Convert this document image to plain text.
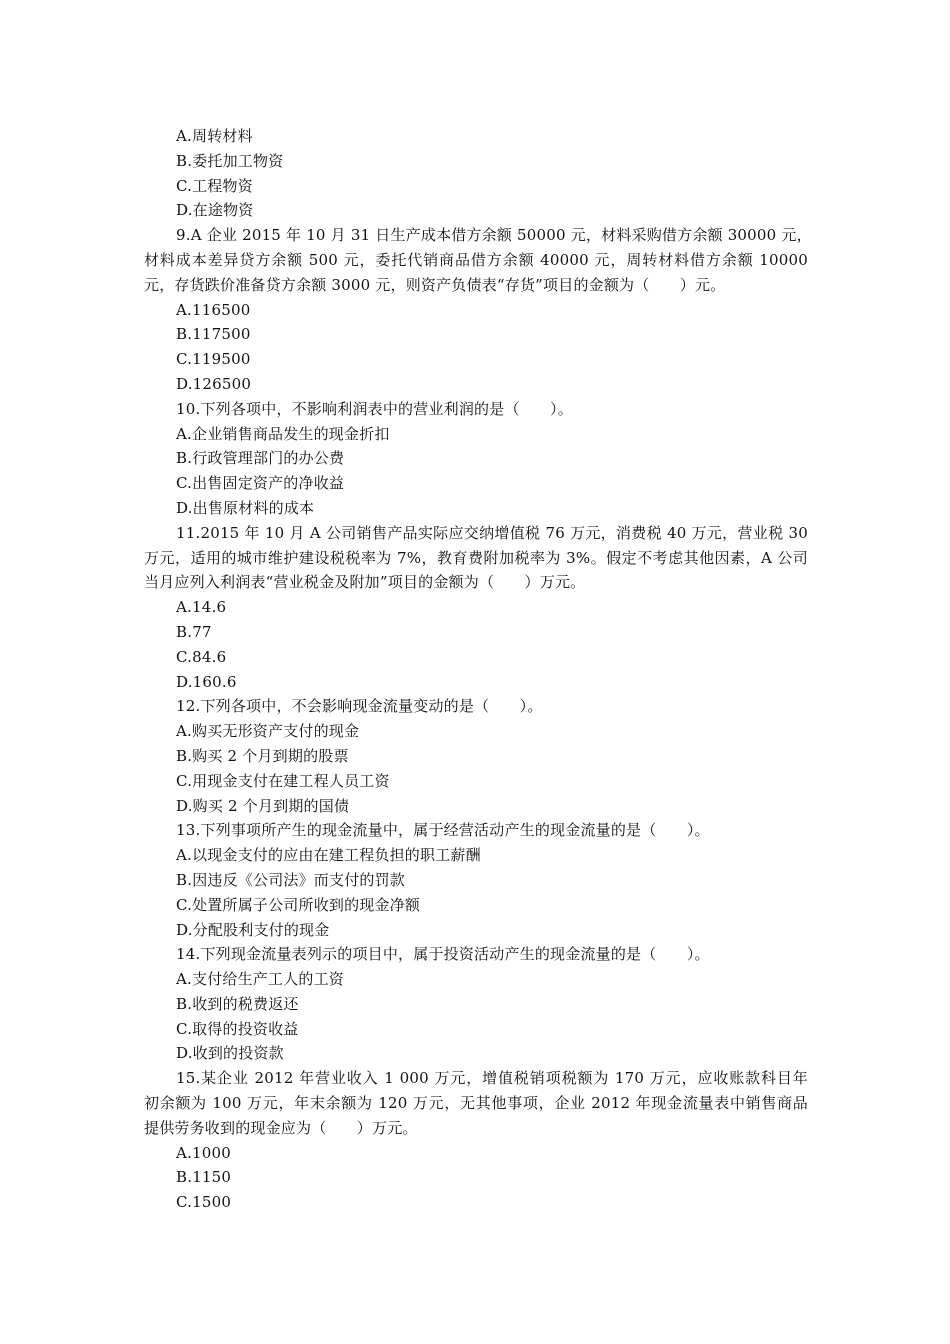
A.周转材料
B.委托加工物资
C.工程物资
D.在途物资
9.A 企业 2015 年 10 月 31 日生产成本借方余额 50000 元，材料采购借方余额 30000 元，
材料成本差异贷方余额 500 元，委托代销商品借方余额 40000 元，周转材料借方余额 10000
元，存货跌价准备贷方余额 3000 元，则资产负债表“存货”项目的金额为（　　）元。
A.116500
B.117500
C.119500
D.126500
10.下列各项中，不影响利润表中的营业利润的是（　　）。
A.企业销售商品发生的现金折扣
B.行政管理部门的办公费
C.出售固定资产的净收益
D.出售原材料的成本
11.2015 年 10 月 A 公司销售产品实际应交纳增值税 76 万元，消费税 40 万元，营业税 30
万元，适用的城市维护建设税税率为 7%，教育费附加税率为 3%。假定不考虑其他因素，A 公司
当月应列入利润表“营业税金及附加”项目的金额为（　　）万元。
A.14.6
B.77
C.84.6
D.160.6
12.下列各项中，不会影响现金流量变动的是（　　）。
A.购买无形资产支付的现金
B.购买 2 个月到期的股票
C.用现金支付在建工程人员工资
D.购买 2 个月到期的国债
13.下列事项所产生的现金流量中，属于经营活动产生的现金流量的是（　　）。
A.以现金支付的应由在建工程负担的职工薪酬
B.因违反《公司法》而支付的罚款
C.处置所属子公司所收到的现金净额
D.分配股利支付的现金
14.下列现金流量表列示的项目中，属于投资活动产生的现金流量的是（　　）。
A.支付给生产工人的工资
B.收到的税费返还
C.取得的投资收益
D.收到的投资款
15.某企业 2012 年营业收入 1 000 万元，增值税销项税额为 170 万元，应收账款科目年
初余额为 100 万元，年末余额为 120 万元，无其他事项，企业 2012 年现金流量表中销售商品
提供劳务收到的现金应为（　　）万元。
A.1000
B.1150
C.1500
